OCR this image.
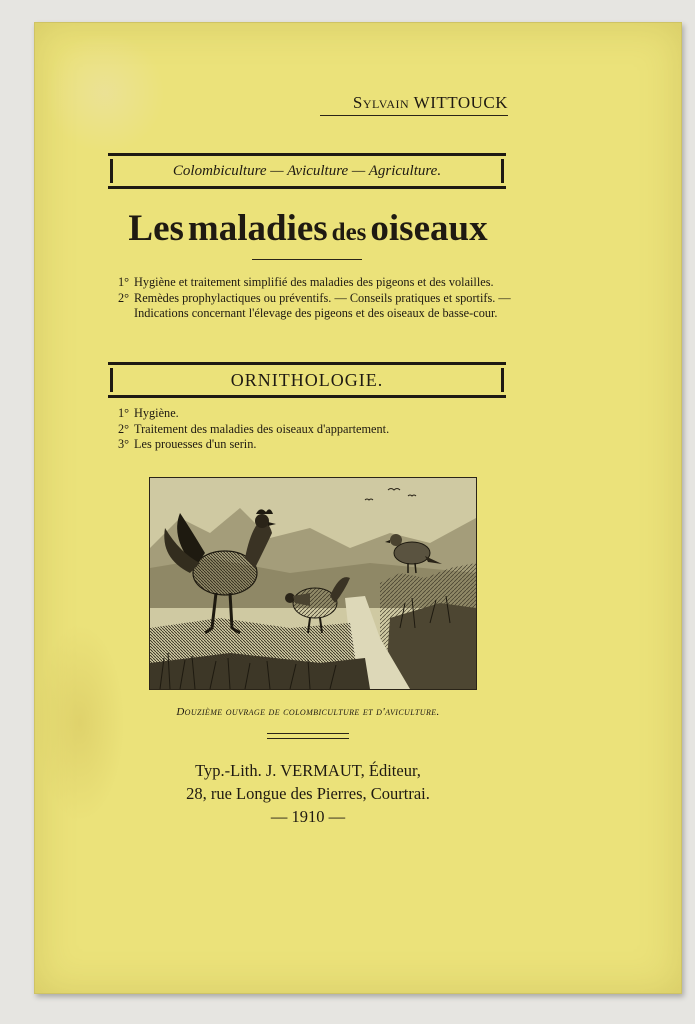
Sylvain WITTOUCK
Colombiculture — Aviculture — Agriculture.
Les maladies des oiseaux

1° Hygiène et traitement simplifié des maladies des pigeons et des volailles.

2° Remèdes prophylactiques ou préventifs. — Conseils pratiques et sportifs. — Indications concernant l'élevage des pigeons et des oiseaux de basse-cour.

ORNITHOLOGIE.

1° Hygiène.

2° Traitement des maladies des oiseaux d'appartement.

3° Les prouesses d'un serin.

Douzième ouvrage de colombiculture et d'aviculture.
Typ.-Lith. J. VERMAUT, Éditeur,
28, rue Longue des Pierres, Courtrai.
— 1910 —
